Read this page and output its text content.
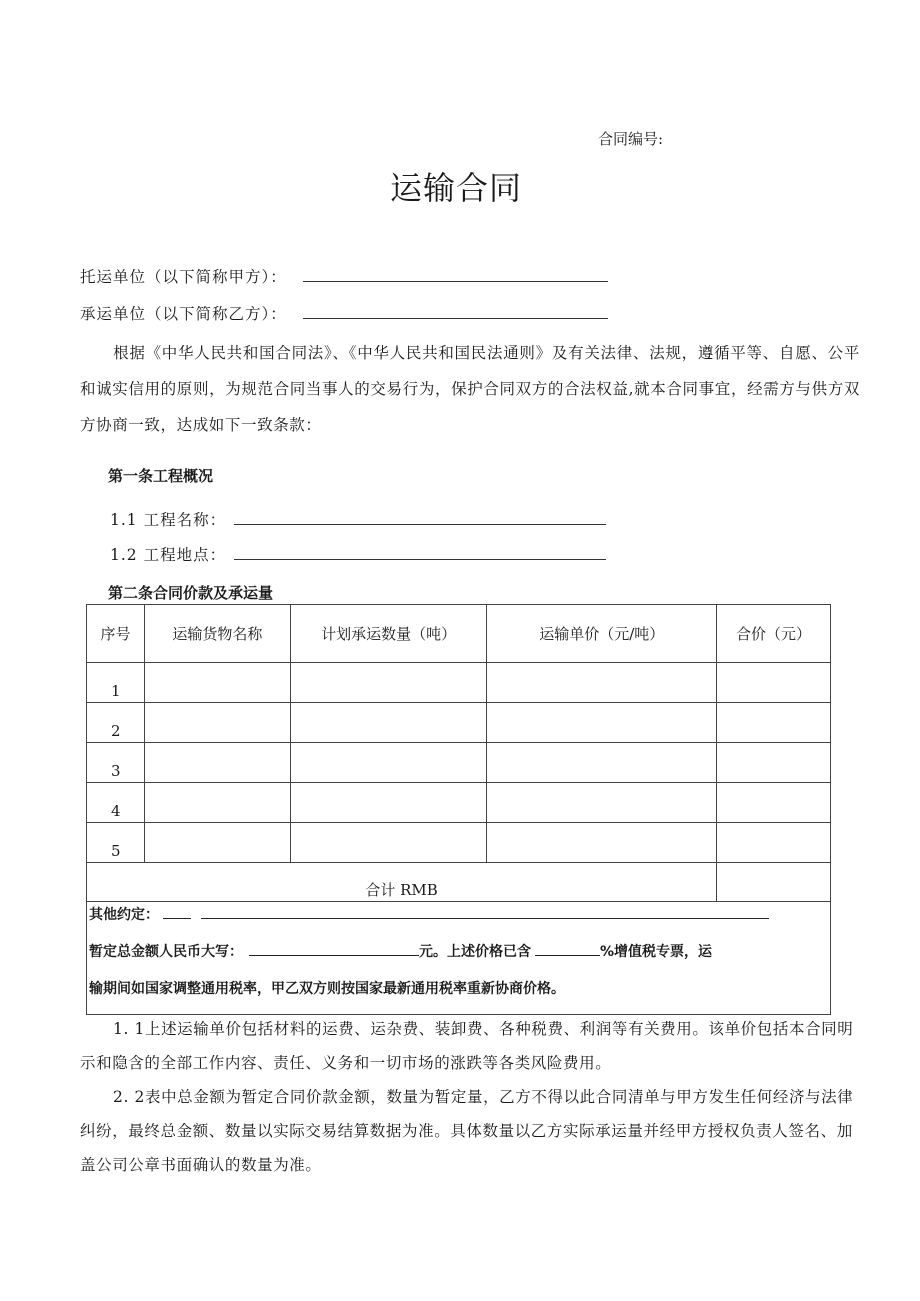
合同编号:
运输合同
托运单位（以下简称甲方）：
承运单位（以下简称乙方）：
根据《中华人民共和国合同法》、《中华人民共和国民法通则》及有关法律、法规，遵循平等、自愿、公平和诚实信用的原则，为规范合同当事人的交易行为，保护合同双方的合法权益,就本合同事宜，经需方与供方双方协商一致，达成如下一致条款：
第一条工程概况
1.1 工程名称：
1.2 工程地点：
第二条合同价款及承运量
序号	运输货物名称	计划承运数量（吨）	运输单价（元/吨）	合价（元）
1				
2				
3				
4				
5				
合计 RMB				

其他约定：
暂定总金额人民币大写： 元。上述价格已含 %增值税专票，运
输期间如国家调整通用税率，甲乙双方则按国家最新通用税率重新协商价格。				
1. 1上述运输单价包括材料的运费、运杂费、装卸费、各种税费、利润等有关费用。该单价包括本合同明示和隐含的全部工作内容、责任、义务和一切市场的涨跌等各类风险费用。
2. 2表中总金额为暂定合同价款金额，数量为暂定量，乙方不得以此合同清单与甲方发生任何经济与法律纠纷，最终总金额、数量以实际交易结算数据为准。具体数量以乙方实际承运量并经甲方授权负责人签名、加盖公司公章书面确认的数量为准。
